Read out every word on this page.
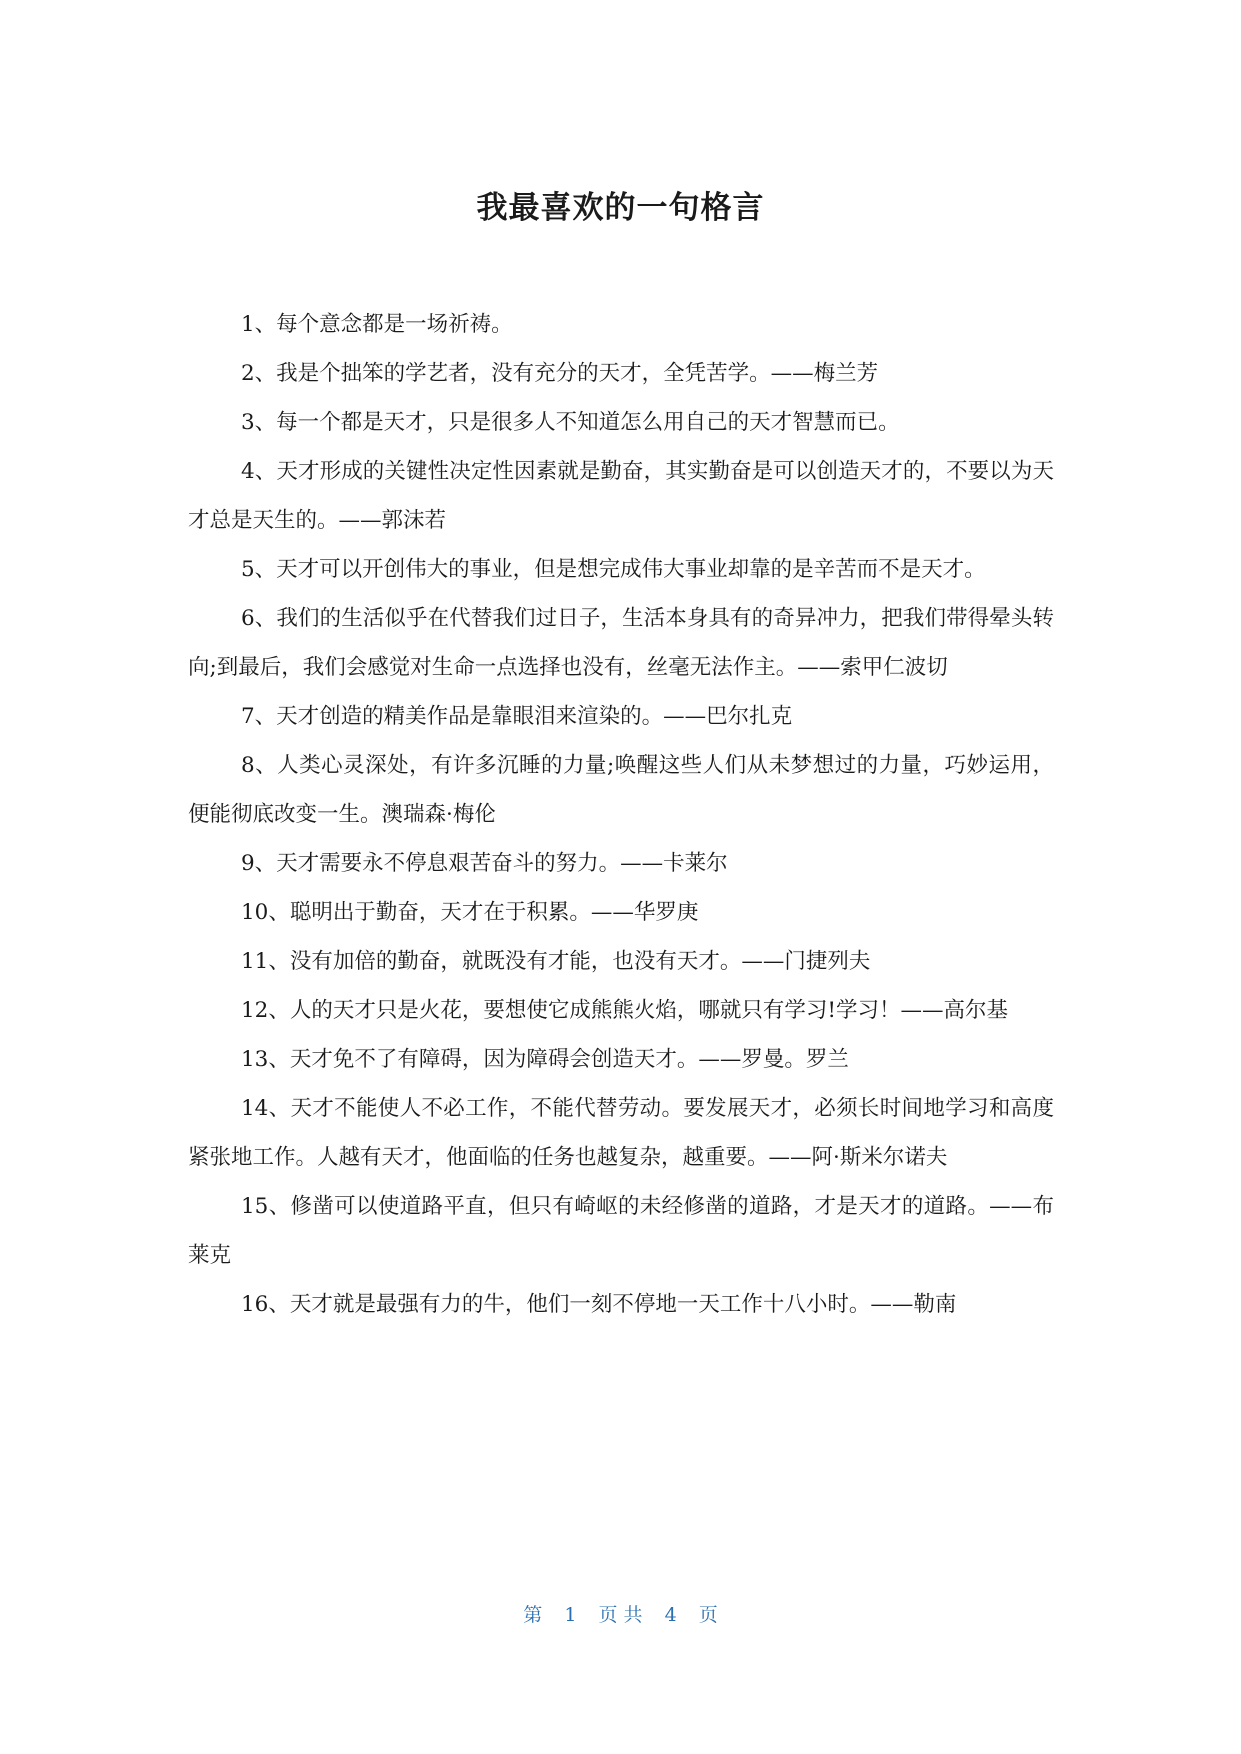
我最喜欢的一句格言

1、每个意念都是一场祈祷。

2、我是个拙笨的学艺者，没有充分的天才，全凭苦学。——梅兰芳

3、每一个都是天才，只是很多人不知道怎么用自己的天才智慧而已。

4、天才形成的关键性决定性因素就是勤奋，其实勤奋是可以创造天才的，不要以为天才总是天生的。——郭沫若

5、天才可以开创伟大的事业，但是想完成伟大事业却靠的是辛苦而不是天才。

6、我们的生活似乎在代替我们过日子，生活本身具有的奇异冲力，把我们带得晕头转向;到最后，我们会感觉对生命一点选择也没有，丝毫无法作主。——索甲仁波切

7、天才创造的精美作品是靠眼泪来渲染的。——巴尔扎克

8、人类心灵深处，有许多沉睡的力量;唤醒这些人们从未梦想过的力量，巧妙运用，便能彻底改变一生。澳瑞森·梅伦

9、天才需要永不停息艰苦奋斗的努力。——卡莱尔

10、聪明出于勤奋，天才在于积累。——华罗庚

11、没有加倍的勤奋，就既没有才能，也没有天才。——门捷列夫

12、人的天才只是火花，要想使它成熊熊火焰，哪就只有学习!学习！——高尔基

13、天才免不了有障碍，因为障碍会创造天才。——罗曼。罗兰

14、天才不能使人不必工作，不能代替劳动。要发展天才，必须长时间地学习和高度紧张地工作。人越有天才，他面临的任务也越复杂，越重要。——阿·斯米尔诺夫

15、修凿可以使道路平直，但只有崎岖的未经修凿的道路，才是天才的道路。——布莱克

16、天才就是最强有力的牛，他们一刻不停地一天工作十八小时。——勒南

第 1 页 共 4 页
